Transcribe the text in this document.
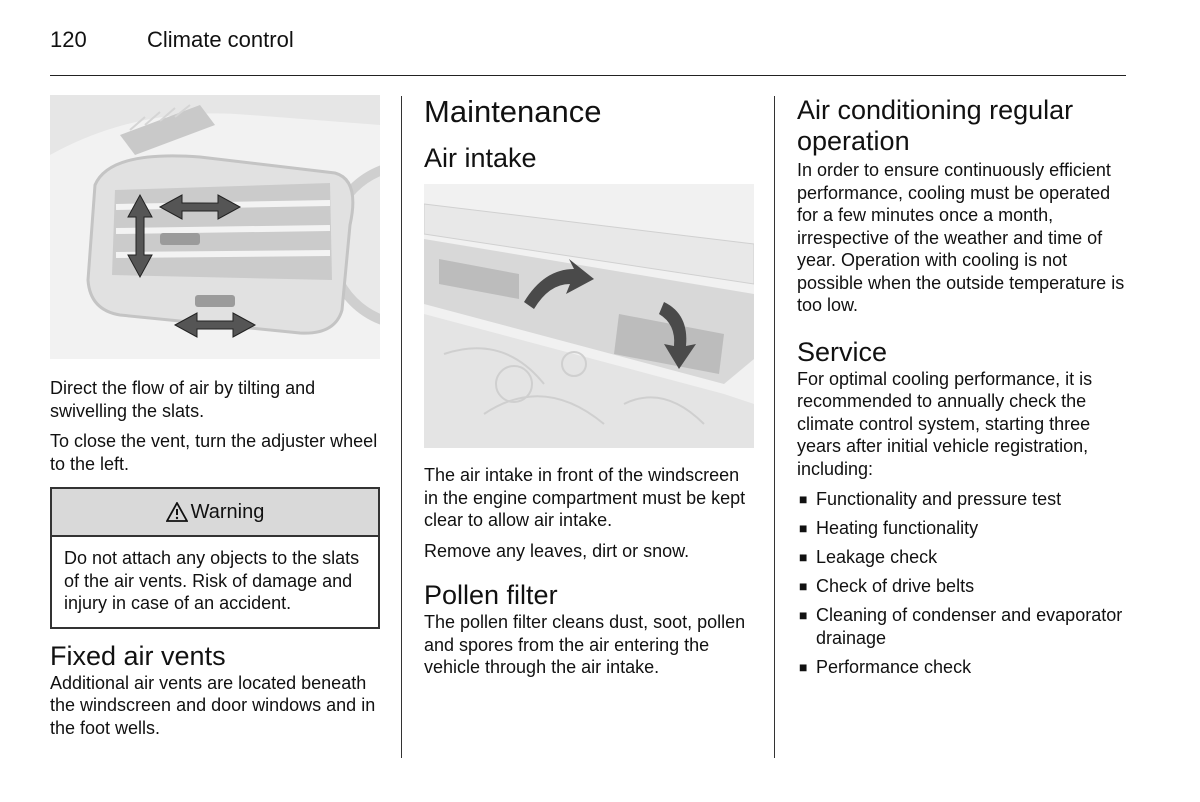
120	Climate control

Direct the flow of air by tilting and swivelling the slats.

To close the vent, turn the adjuster wheel to the left.

Warning

Do not attach any objects to the slats of the air vents. Risk of damage and injury in case of an accident.

Fixed air vents

Additional air vents are located beneath the windscreen and door windows and in the foot wells.

Maintenance
Air intake

The air intake in front of the windscreen in the engine compartment must be kept clear to allow air intake.

Remove any leaves, dirt or snow.

Pollen filter

The pollen filter cleans dust, soot, pollen and spores from the air entering the vehicle through the air intake.

Air conditioning regular operation

In order to ensure continuously efficient performance, cooling must be operated for a few minutes once a month, irrespective of the weather and time of year. Operation with cooling is not possible when the outside temperature is too low.

Service

For optimal cooling performance, it is recommended to annually check the climate control system, starting three years after initial vehicle registration, including:

■ Functionality and pressure test
■ Heating functionality
■ Leakage check
■ Check of drive belts
■ Cleaning of condenser and evaporator drainage
■ Performance check
